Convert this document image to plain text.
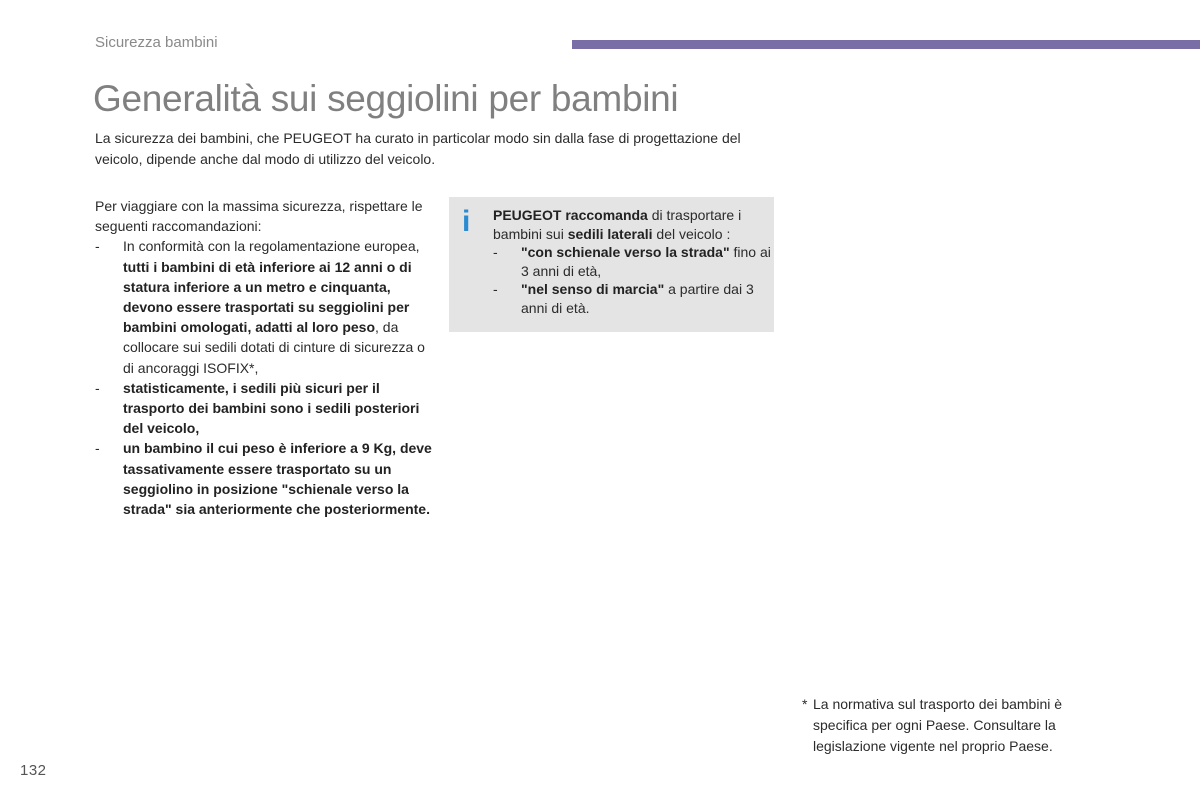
Sicurezza bambini
Generalità sui seggiolini per bambini

La sicurezza dei bambini, che PEUGEOT ha curato in particolar modo sin dalla fase di progettazione del veicolo, dipende anche dal modo di utilizzo del veicolo.

Per viaggiare con la massima sicurezza, rispettare le seguenti raccomandazioni:

- In conformità con la regolamentazione europea, tutti i bambini di età inferiore ai 12 anni o di statura inferiore a un metro e cinquanta, devono essere trasportati su seggiolini per bambini omologati, adatti al loro peso, da collocare sui sedili dotati di cinture di sicurezza o di ancoraggi ISOFIX*,
- statisticamente, i sedili più sicuri per il trasporto dei bambini sono i sedili posteriori del veicolo,
- un bambino il cui peso è inferiore a 9 Kg, deve tassativamente essere trasportato su un seggiolino in posizione "schienale verso la strada" sia anteriormente che posteriormente.
i PEUGEOT raccomanda di trasportare i bambini sui sedili laterali del veicolo :

- "con schienale verso la strada" fino ai 3 anni di età,
- "nel senso di marcia" a partire dai 3 anni di età.
* La normativa sul trasporto dei bambini è specifica per ogni Paese. Consultare la legislazione vigente nel proprio Paese.
132
